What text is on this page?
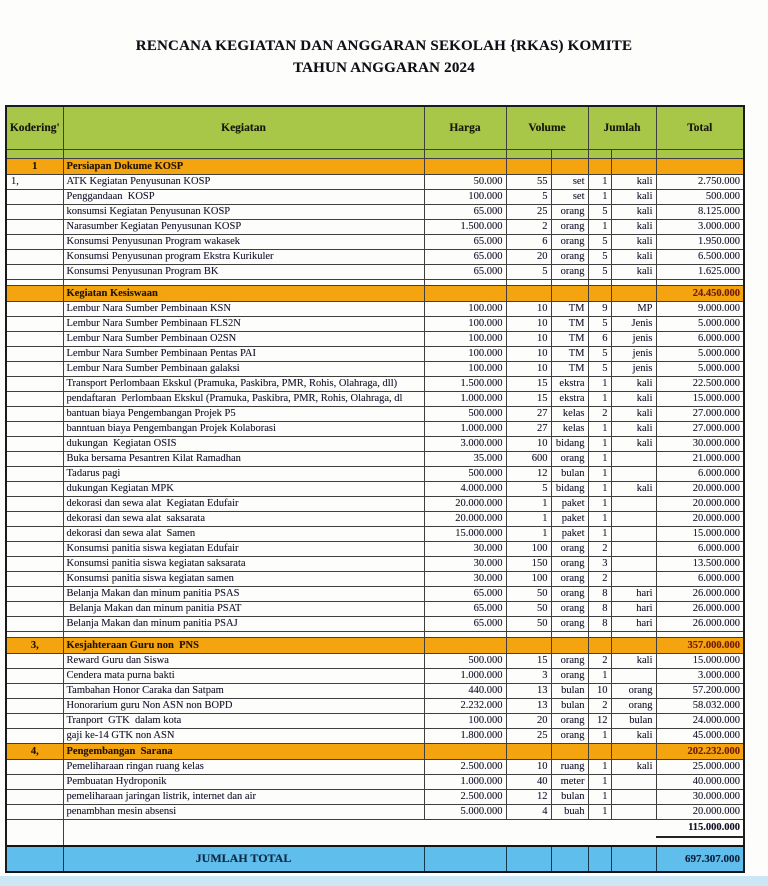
RENCANA KEGIATAN DAN ANGGARAN SEKOLAH {RKAS) KOMITE
TAHUN ANGGARAN 2024
Kodering'	Kegiatan	Harga	Volume		Jumlah		Total

1	Persiapan Dokume KOSP						
1,	ATK Kegiatan Penyusunan KOSP	50.000	55	set	1	kali	2.750.000
	Penggandaan  KOSP	100.000	5	set	1	kali	500.000
	konsumsi Kegiatan Penyusunan KOSP	65.000	25	orang	5	kali	8.125.000
	Narasumber Kegiatan Penyusunan KOSP	1.500.000	2	orang	1	kali	3.000.000
	Konsumsi Penyusunan Program wakasek	65.000	6	orang	5	kali	1.950.000
	Konsumsi Penyusunan program Ekstra Kurikuler	65.000	20	orang	5	kali	6.500.000
	Konsumsi Penyusunan Program BK	65.000	5	orang	5	kali	1.625.000

	Kegiatan Kesiswaan						24.450.000
	Lembur Nara Sumber Pembinaan KSN	100.000	10	TM	9	MP	9.000.000
	Lembur Nara Sumber Pembinaan FLS2N	100.000	10	TM	5	Jenis	5.000.000
	Lembur Nara Sumber Pembinaan O2SN	100.000	10	TM	6	jenis	6.000.000
	Lembur Nara Sumber Pembinaan Pentas PAI	100.000	10	TM	5	jenis	5.000.000
	Lembur Nara Sumber Pembinaan galaksi	100.000	10	TM	5	jenis	5.000.000
	Transport Perlombaan Ekskul (Pramuka, Paskibra, PMR, Rohis, Olahraga, dll)	1.500.000	15	ekstra	1	kali	22.500.000
	pendaftaran  Perlombaan Ekskul (Pramuka, Paskibra, PMR, Rohis, Olahraga, dl	1.000.000	15	ekstra	1	kali	15.000.000
	bantuan biaya Pengembangan Projek P5	500.000	27	kelas	2	kali	27.000.000
	banntuan biaya Pengembangan Projek Kolaborasi	1.000.000	27	kelas	1	kali	27.000.000
	dukungan  Kegiatan OSIS	3.000.000	10	bidang	1	kali	30.000.000
	Buka bersama Pesantren Kilat Ramadhan	35.000	600	orang	1		21.000.000
	Tadarus pagi	500.000	12	bulan	1		6.000.000
	dukungan Kegiatan MPK	4.000.000	5	bidang	1	kali	20.000.000
	dekorasi dan sewa alat  Kegiatan Edufair	20.000.000	1	paket	1		20.000.000
	dekorasi dan sewa alat  saksarata	20.000.000	1	paket	1		20.000.000
	dekorasi dan sewa alat  Samen	15.000.000	1	paket	1		15.000.000
	Konsumsi panitia siswa kegiatan Edufair	30.000	100	orang	2		6.000.000
	Konsumsi panitia siswa kegiatan saksarata	30.000	150	orang	3		13.500.000
	Konsumsi panitia siswa kegiatan samen	30.000	100	orang	2		6.000.000
	Belanja Makan dan minum panitia PSAS	65.000	50	orang	8	hari	26.000.000
	Belanja Makan dan minum panitia PSAT	65.000	50	orang	8	hari	26.000.000
	Belanja Makan dan minum panitia PSAJ	65.000	50	orang	8	hari	26.000.000

3,	Kesjahteraan Guru non  PNS						357.000.000
	Reward Guru dan Siswa	500.000	15	orang	2	kali	15.000.000
	Cendera mata purna bakti	1.000.000	3	orang	1		3.000.000
	Tambahan Honor Caraka dan Satpam	440.000	13	bulan	10	orang	57.200.000
	Honorarium guru Non ASN non BOPD	2.232.000	13	bulan	2	orang	58.032.000
	Tranport  GTK  dalam kota	100.000	20	orang	12	bulan	24.000.000
	gaji ke-14 GTK non ASN	1.800.000	25	orang	1	kali	45.000.000
4,	Pengembangan  Sarana						202.232.000
	Pemeliharaan ringan ruang kelas	2.500.000	10	ruang	1	kali	25.000.000
	Pembuatan Hydroponik	1.000.000	40	meter	1		40.000.000
	pemeliharaan jaringan listrik, internet dan air	2.500.000	12	bulan	1		30.000.000
	penambhan mesin absensi	5.000.000	4	buah	1		20.000.000
							115.000.000

	JUMLAH TOTAL						697.307.000
